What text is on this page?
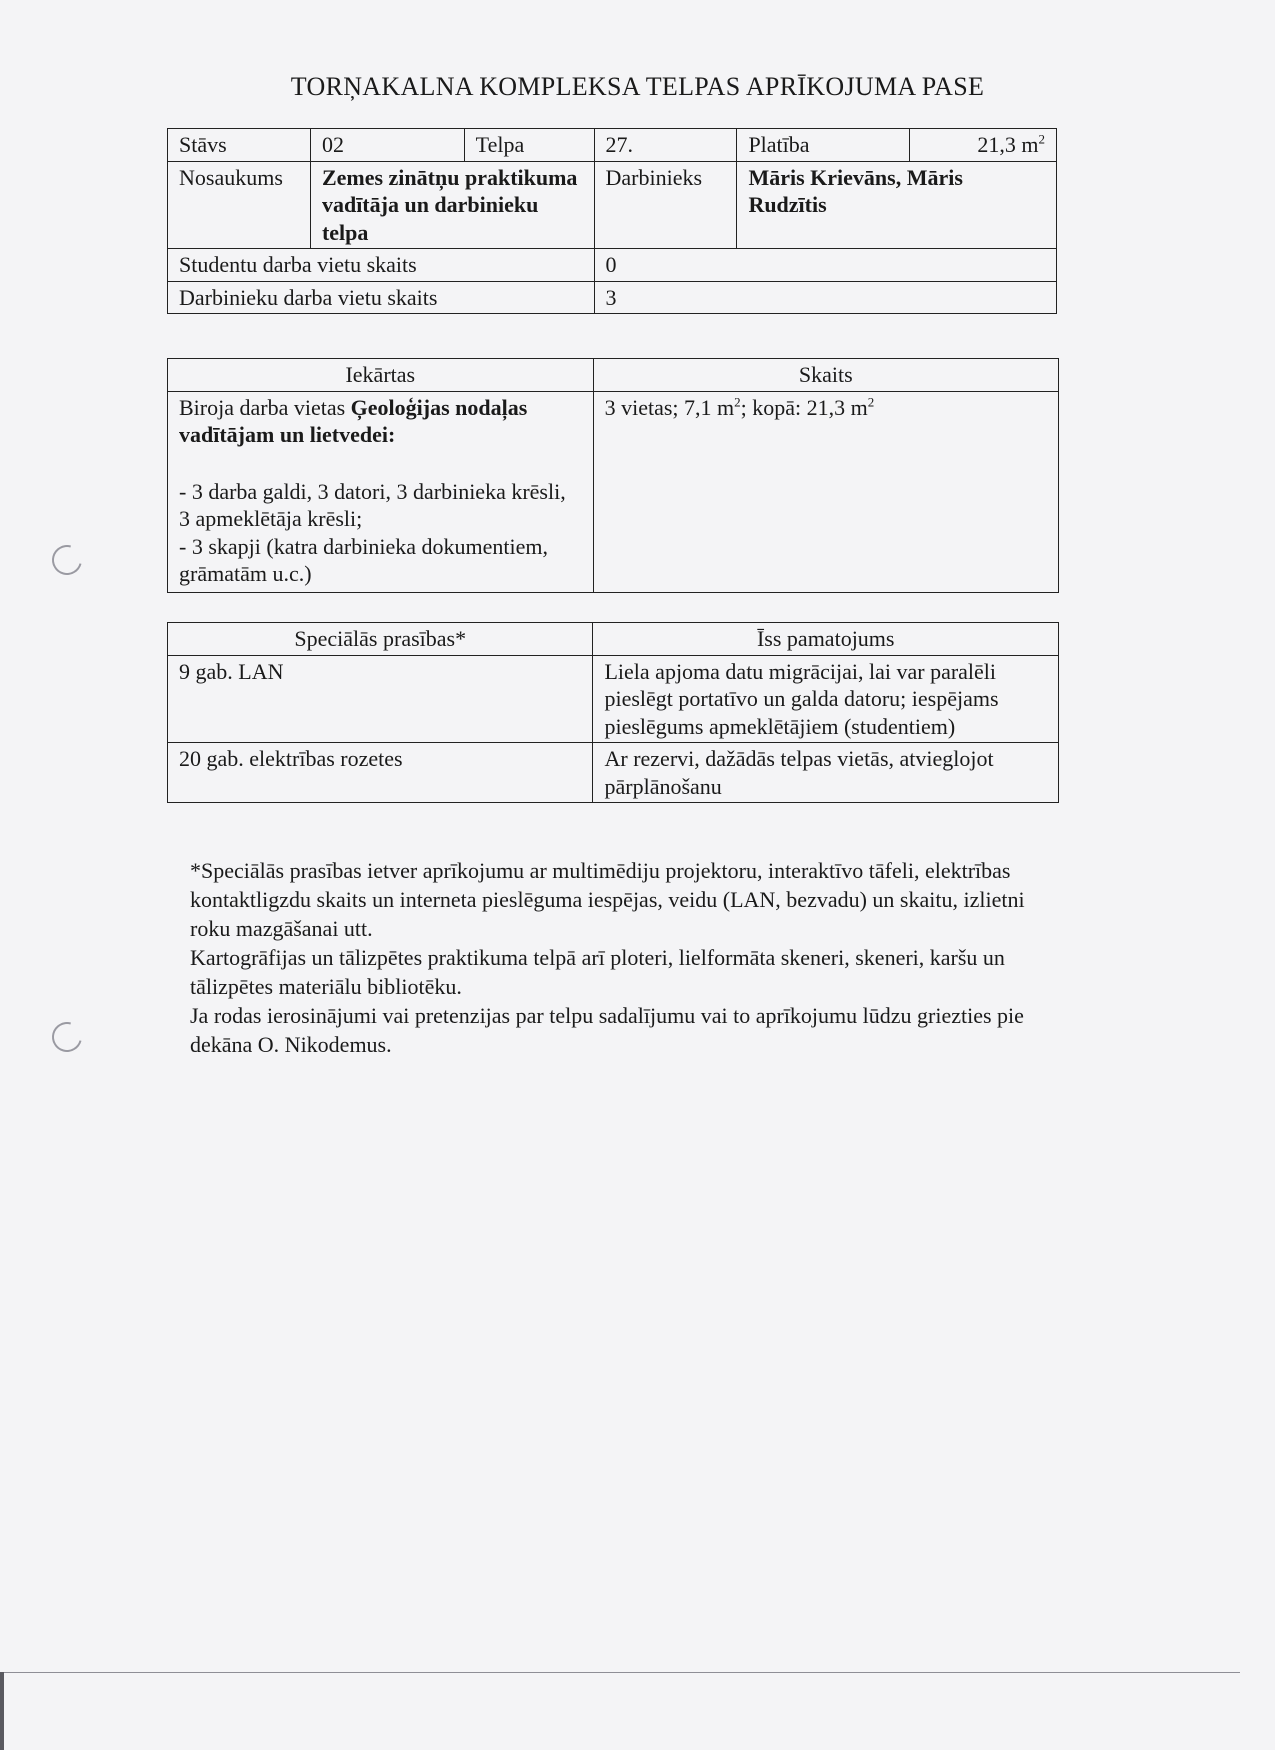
TORŅAKALNA KOMPLEKSA TELPAS APRĪKOJUMA PASE
Stāvs	02	Telpa	27.	Platība	21,3 $m^2$
Nosaukums	Zemes zinātņu praktikuma vadītāja un darbinieku telpa		Darbinieks	Māris Krievāns, Māris Rudzītis	
Studentu darba vietu skaits			0		
Darbinieku darba vietu skaits			3		
Iekārtas	Skaits
Biroja darba vietas Ģeoloģijas nodaļas vadītājam un lietvedei:
- 3 darba galdi, 3 datori, 3 darbinieka krēsli, 3 apmeklētāja krēsli;
- 3 skapji (katra darbinieka dokumentiem, grāmatām u.c.)	3 vietas; 7,1 $m^2$; kopā: 21,3 $m^2$
Speciālās prasības*	Īss pamatojums
9 gab. LAN	Liela apjoma datu migrācijai, lai var paralēli pieslēgt portatīvo un galda datoru; iespējams pieslēgums apmeklētājiem (studentiem)
20 gab. elektrības rozetes	Ar rezervi, dažādās telpas vietās, atvieglojot pārplānošanu

*Speciālās prasības ietver aprīkojumu ar multimēdiju projektoru, interaktīvo tāfeli, elektrības kontaktligzdu skaits un interneta pieslēguma iespējas, veidu (LAN, bezvadu) un skaitu, izlietni roku mazgāšanai utt.

Kartogrāfijas un tālizpētes praktikuma telpā arī ploteri, lielformāta skeneri, skeneri, karšu un tālizpētes materiālu bibliotēku.

Ja rodas ierosinājumi vai pretenzijas par telpu sadalījumu vai to aprīkojumu lūdzu griezties pie dekāna O. Nikodemus.
